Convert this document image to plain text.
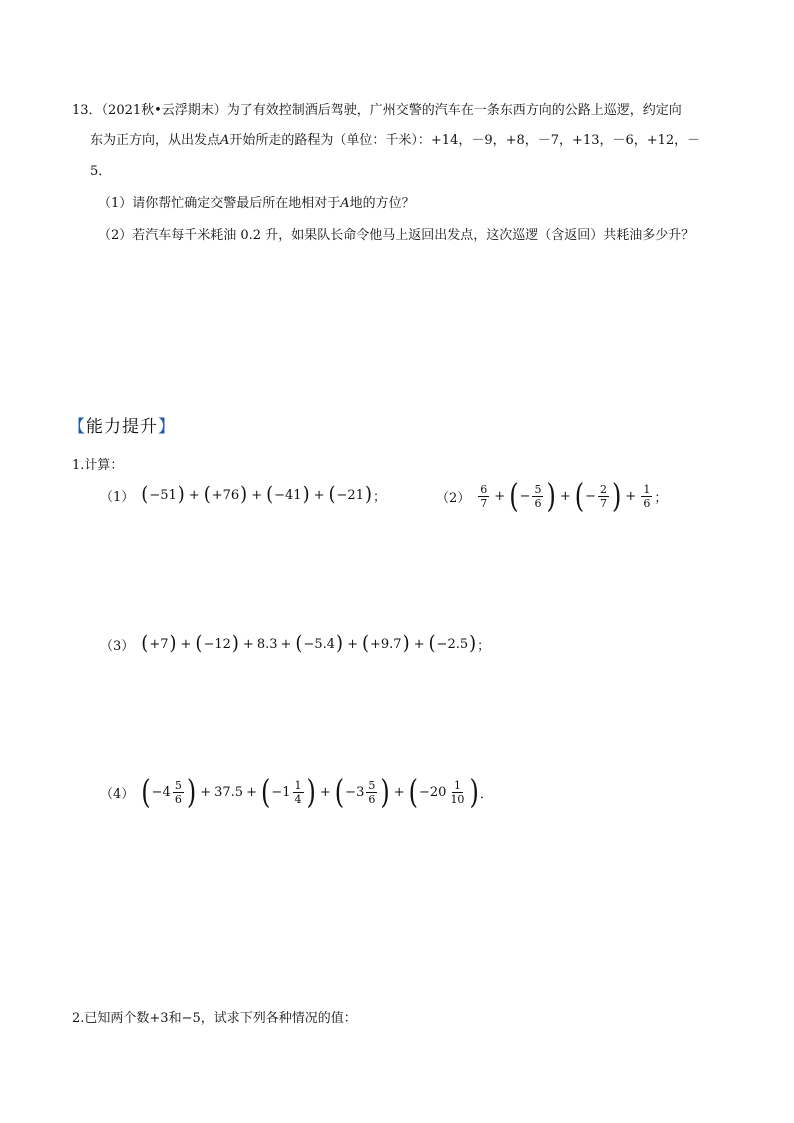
13．（2021秋•云浮期末）为了有效控制酒后驾驶，广州交警的汽车在一条东西方向的公路上巡逻，约定向
东为正方向，从出发点A开始所走的路程为（单位：千米）：+14，－9，+8，－7，+13，－6，+12，－
5．
（1）请你帮忙确定交警最后所在地相对于A地的方位？
（2）若汽车每千米耗油 0.2 升，如果队长命令他马上返回出发点，这次巡逻（含返回）共耗油多少升？
【能力提升】
1.计算：
（1） ( −51 ) + ( +76 ) + ( −41 ) + ( −21 ) ；	$(2) \frac{6}{7}$ + ( − $\frac{5}{6}$ ) + ( − $\frac{2}{7}$ ) + $\frac{1}{6}$ ；
（3） ( +7 ) + ( −12 ) + 8.3 + ( −5.4 ) + ( +9.7 ) + ( −2.5 ) ；
（4） ( $-4 \frac{5}{6}$ ) + 37.5 + ( $-1 \frac{1}{4}$ ) + ( $-3 \frac{5}{6}$ ) + ( $-20 \frac{1}{10}$ ) ．
2.已知两个数+3和−5，试求下列各种情况的值：
